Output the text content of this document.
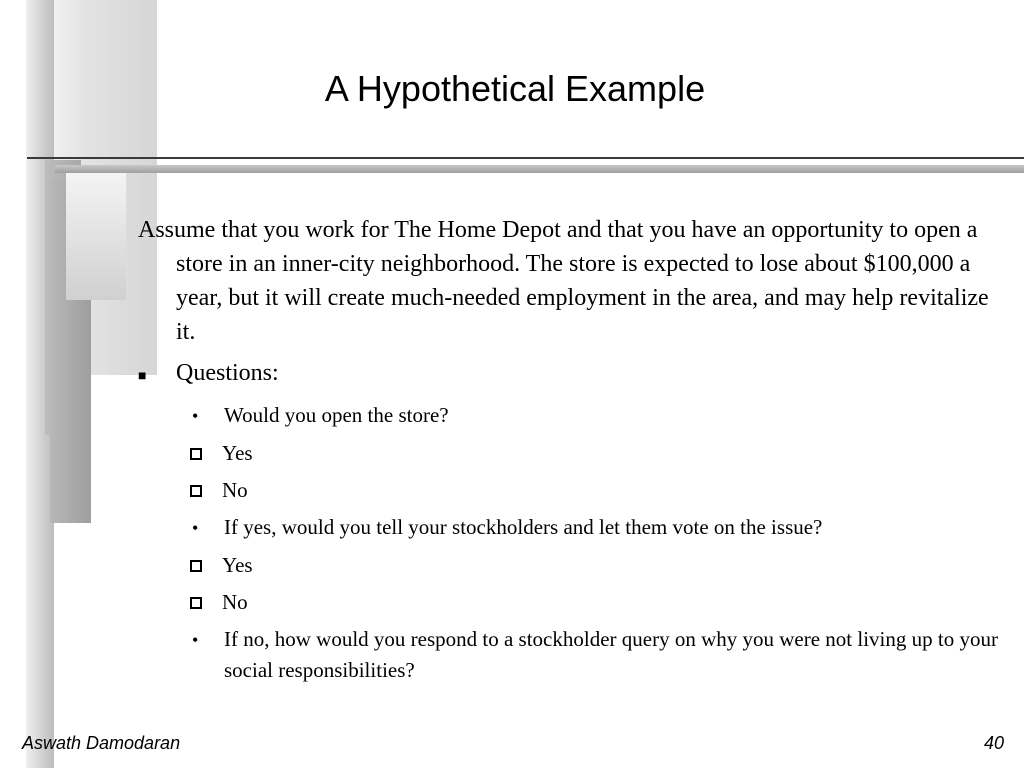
A Hypothetical Example

Assume that you work for The Home Depot and that you have an opportunity to open a store in an inner-city neighborhood. The store is expected to lose about $100,000 a year, but it will create much-needed employment in the area, and may help revitalize it.

■	Questions:
•	Would you open the store?
Yes
No
•	If yes, would you tell your stockholders and let them vote on the issue?
Yes
No
•	If no, how would you respond to a stockholder query on why you were not living up to your social responsibilities?
Aswath Damodaran	40
